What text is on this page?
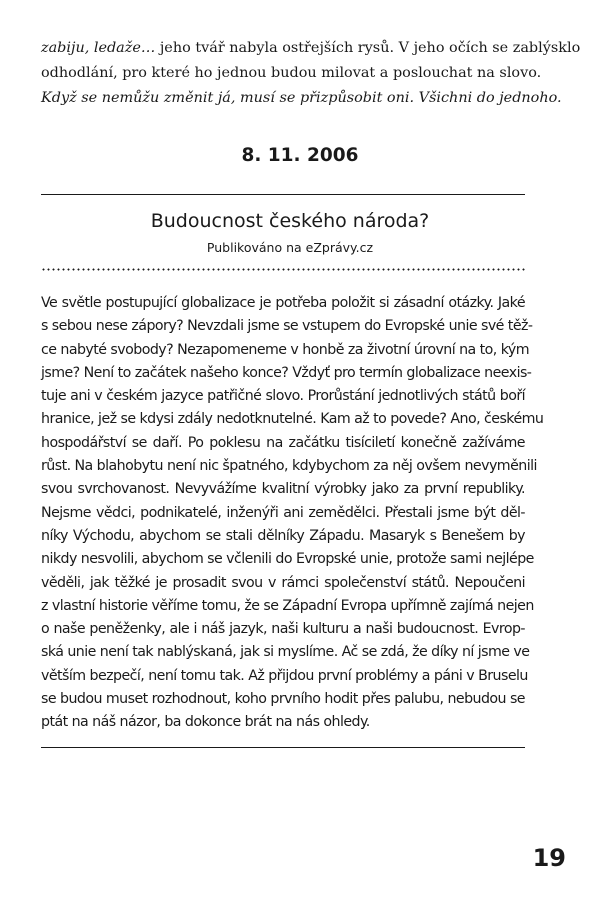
zabiju, ledaže… jeho tvář nabyla ostřejších rysů. V jeho očích se zablýsklo
odhodlání, pro které ho jednou budou milovat a poslouchat na slovo.
Když se nemůžu změnit já, musí se přizpůsobit oni. Všichni do jednoho.

8. 11. 2006
Budoucnost českého národa?

Publikováno na eZprávy.cz

Ve světle postupující globalizace je potřeba položit si zásadní otázky. Jaké
s sebou nese zápory? Nevzdali jsme se vstupem do Evropské unie své těž-
ce nabyté svobody? Nezapomeneme v honbě za životní úrovní na to, kým
jsme? Není to začátek našeho konce? Vždyť pro termín globalizace neexis-
tuje ani v českém jazyce patřičné slovo. Prorůstání jednotlivých států boří
hranice, jež se kdysi zdály nedotknutelné. Kam až to povede? Ano, českému
hospodářství se daří. Po poklesu na začátku tisíciletí konečně zažíváme
růst. Na blahobytu není nic špatného, kdybychom za něj ovšem nevyměnili
svou svrchovanost. Nevyvážíme kvalitní výrobky jako za první republiky.
Nejsme vědci, podnikatelé, inženýři ani zemědělci. Přestali jsme být děl-
níky Východu, abychom se stali dělníky Západu. Masaryk s Benešem by
nikdy nesvolili, abychom se včlenili do Evropské unie, protože sami nejlépe
věděli, jak těžké je prosadit svou v rámci společenství států. Nepoučeni
z vlastní historie věříme tomu, že se Západní Evropa upřímně zajímá nejen
o naše peněženky, ale i náš jazyk, naši kulturu a naši budoucnost. Evrop-
ská unie není tak nablýskaná, jak si myslíme. Ač se zdá, že díky ní jsme ve
větším bezpečí, není tomu tak. Až přijdou první problémy a páni v Bruselu
se budou muset rozhodnout, koho prvního hodit přes palubu, nebudou se
ptát na náš názor, ba dokonce brát na nás ohledy.
19
